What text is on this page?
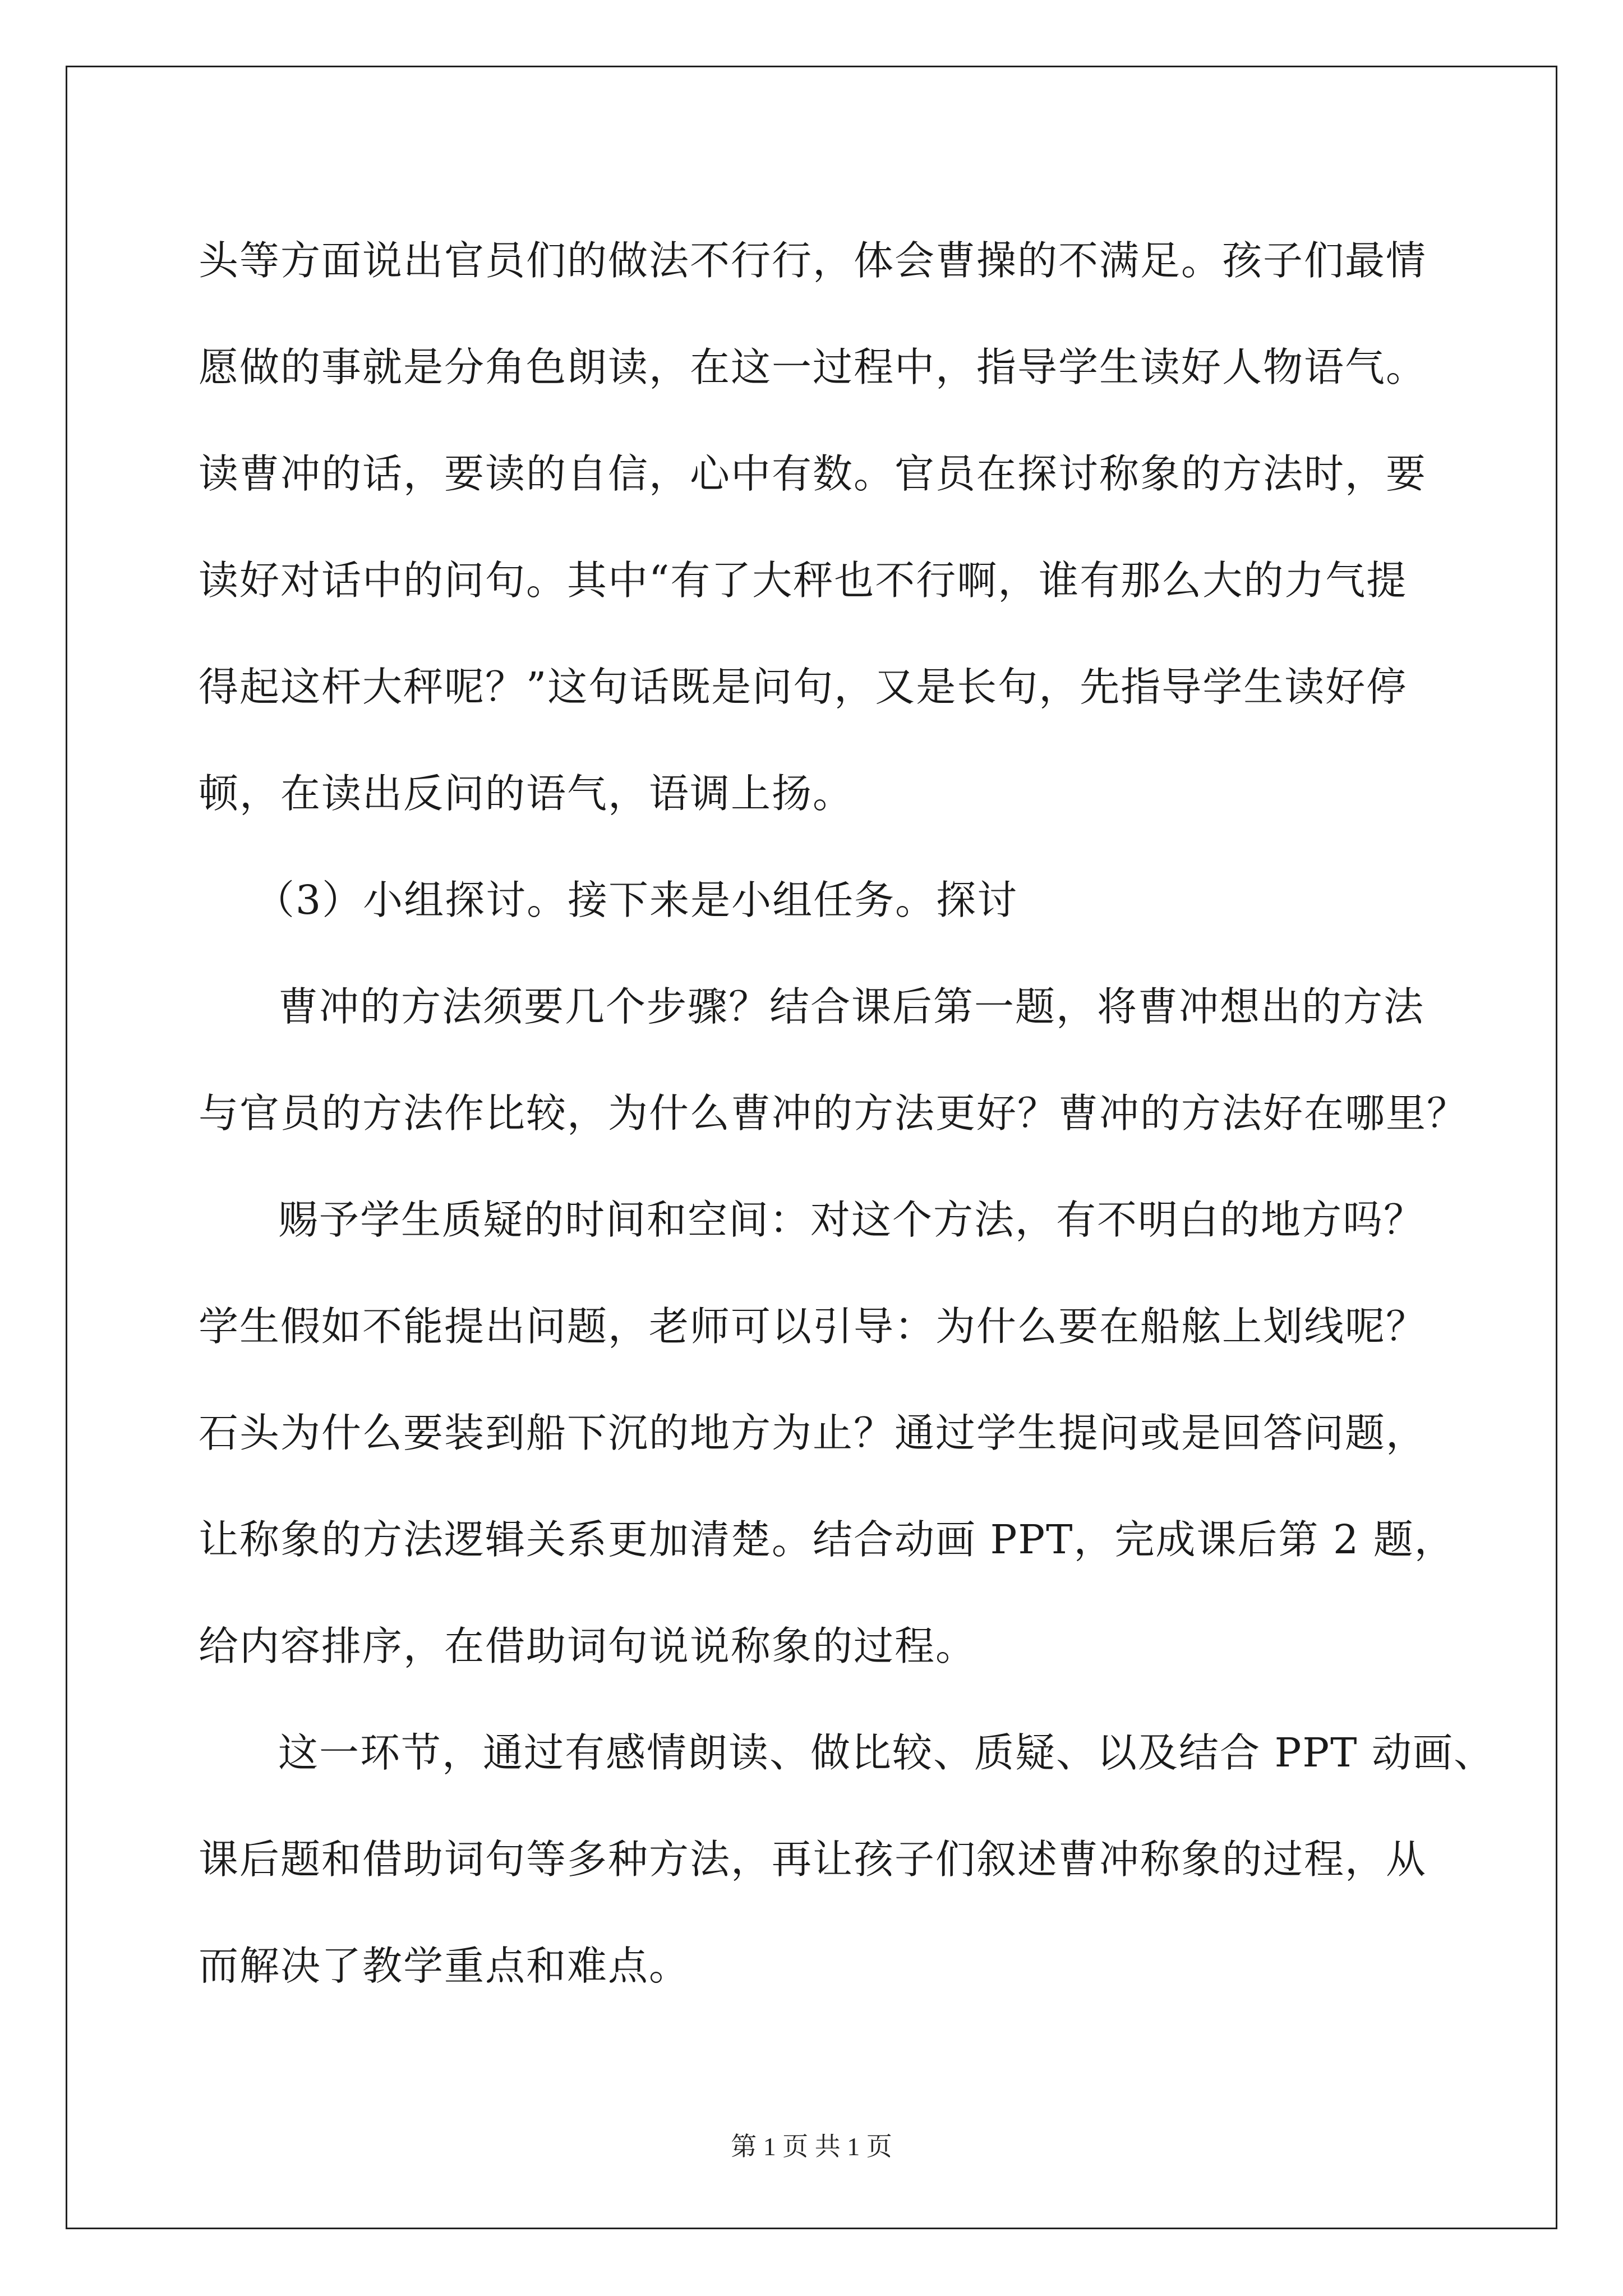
头等方面说出官员们的做法不行行，体会曹操的不满足。孩子们最情
愿做的事就是分角色朗读，在这一过程中，指导学生读好人物语气。
读曹冲的话，要读的自信，心中有数。官员在探讨称象的方法时，要
读好对话中的问句。其中“有了大秤也不行啊，谁有那么大的力气提
得起这杆大秤呢？”这句话既是问句，又是长句，先指导学生读好停
顿，在读出反问的语气，语调上扬。
（3）小组探讨。接下来是小组任务。探讨
曹冲的方法须要几个步骤？结合课后第一题，将曹冲想出的方法
与官员的方法作比较，为什么曹冲的方法更好？曹冲的方法好在哪里？
赐予学生质疑的时间和空间：对这个方法，有不明白的地方吗？
学生假如不能提出问题，老师可以引导：为什么要在船舷上划线呢？
石头为什么要装到船下沉的地方为止？通过学生提问或是回答问题，
让称象的方法逻辑关系更加清楚。结合动画 PPT，完成课后第 2 题，
给内容排序，在借助词句说说称象的过程。
这一环节，通过有感情朗读、做比较、质疑、以及结合 PPT 动画、
课后题和借助词句等多种方法，再让孩子们叙述曹冲称象的过程，从
而解决了教学重点和难点。
第 1 页 共 1 页
